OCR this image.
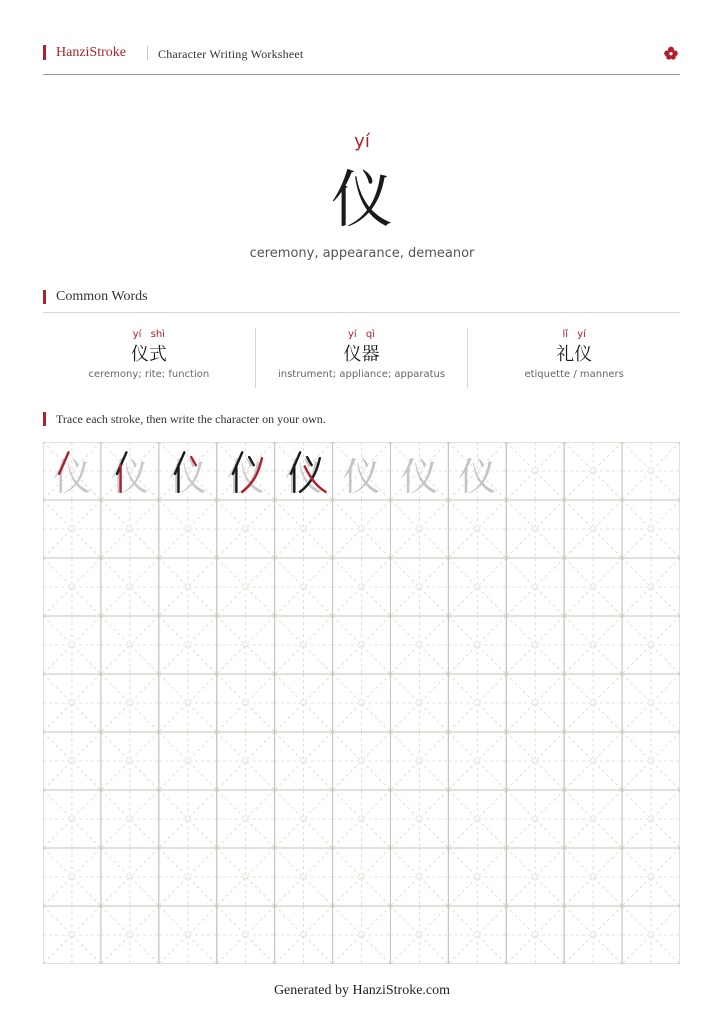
HanziStroke	Character Writing Worksheet
yí
仪
ceremony, appearance, demeanor
Common Words
yí shì
仪式
ceremony; rite; function
yí qì
仪器
instrument; appliance; apparatus
lǐ yí
礼仪
etiquette / manners
Trace each stroke, then write the character on your own.
仪 仪 仪 仪 仪 仪 仪 仪
Generated by HanziStroke.com
